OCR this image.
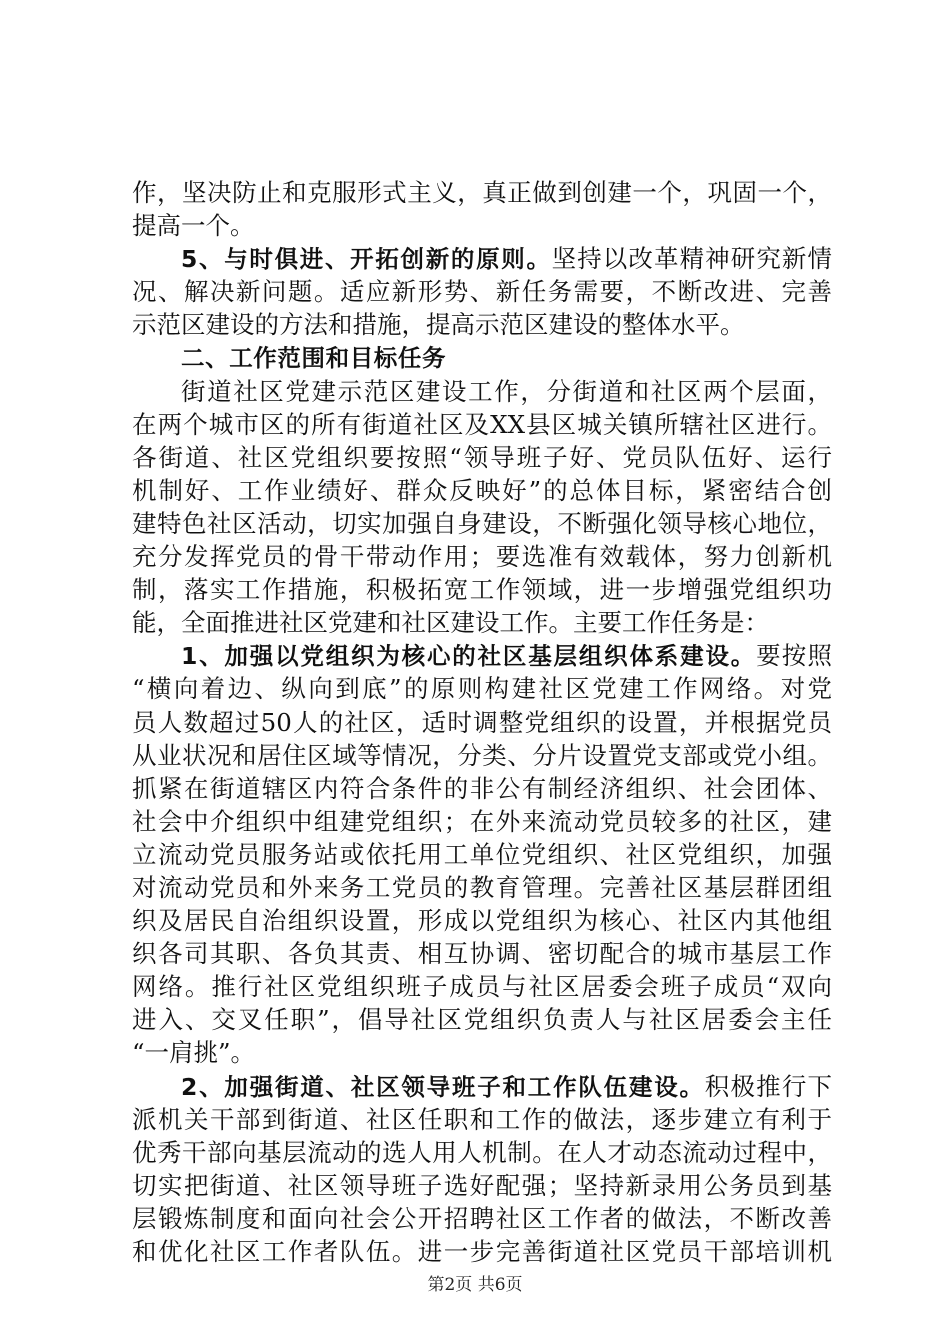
作，坚决防止和克服形式主义，真正做到创建一个，巩固一个，
提高一个。
5、与时俱进、开拓创新的原则。坚持以改革精神研究新情
况、解决新问题。适应新形势、新任务需要，不断改进、完善
示范区建设的方法和措施，提高示范区建设的整体水平。
二、工作范围和目标任务
街道社区党建示范区建设工作，分街道和社区两个层面，
在两个城市区的所有街道社区及XX县区城关镇所辖社区进行。
各街道、社区党组织要按照“领导班子好、党员队伍好、运行
机制好、工作业绩好、群众反映好”的总体目标，紧密结合创
建特色社区活动，切实加强自身建设，不断强化领导核心地位，
充分发挥党员的骨干带动作用；要选准有效载体，努力创新机
制，落实工作措施，积极拓宽工作领域，进一步增强党组织功
能，全面推进社区党建和社区建设工作。主要工作任务是：
1、加强以党组织为核心的社区基层组织体系建设。要按照
“横向着边、纵向到底”的原则构建社区党建工作网络。对党
员人数超过50人的社区，适时调整党组织的设置，并根据党员
从业状况和居住区域等情况，分类、分片设置党支部或党小组。
抓紧在街道辖区内符合条件的非公有制经济组织、社会团体、
社会中介组织中组建党组织；在外来流动党员较多的社区，建
立流动党员服务站或依托用工单位党组织、社区党组织，加强
对流动党员和外来务工党员的教育管理。完善社区基层群团组
织及居民自治组织设置，形成以党组织为核心、社区内其他组
织各司其职、各负其责、相互协调、密切配合的城市基层工作
网络。推行社区党组织班子成员与社区居委会班子成员“双向
进入、交叉任职”，倡导社区党组织负责人与社区居委会主任
“一肩挑”。
2、加强街道、社区领导班子和工作队伍建设。积极推行下
派机关干部到街道、社区任职和工作的做法，逐步建立有利于
优秀干部向基层流动的选人用人机制。在人才动态流动过程中，
切实把街道、社区领导班子选好配强；坚持新录用公务员到基
层锻炼制度和面向社会公开招聘社区工作者的做法，不断改善
和优化社区工作者队伍。进一步完善街道社区党员干部培训机
第2页 共6页
